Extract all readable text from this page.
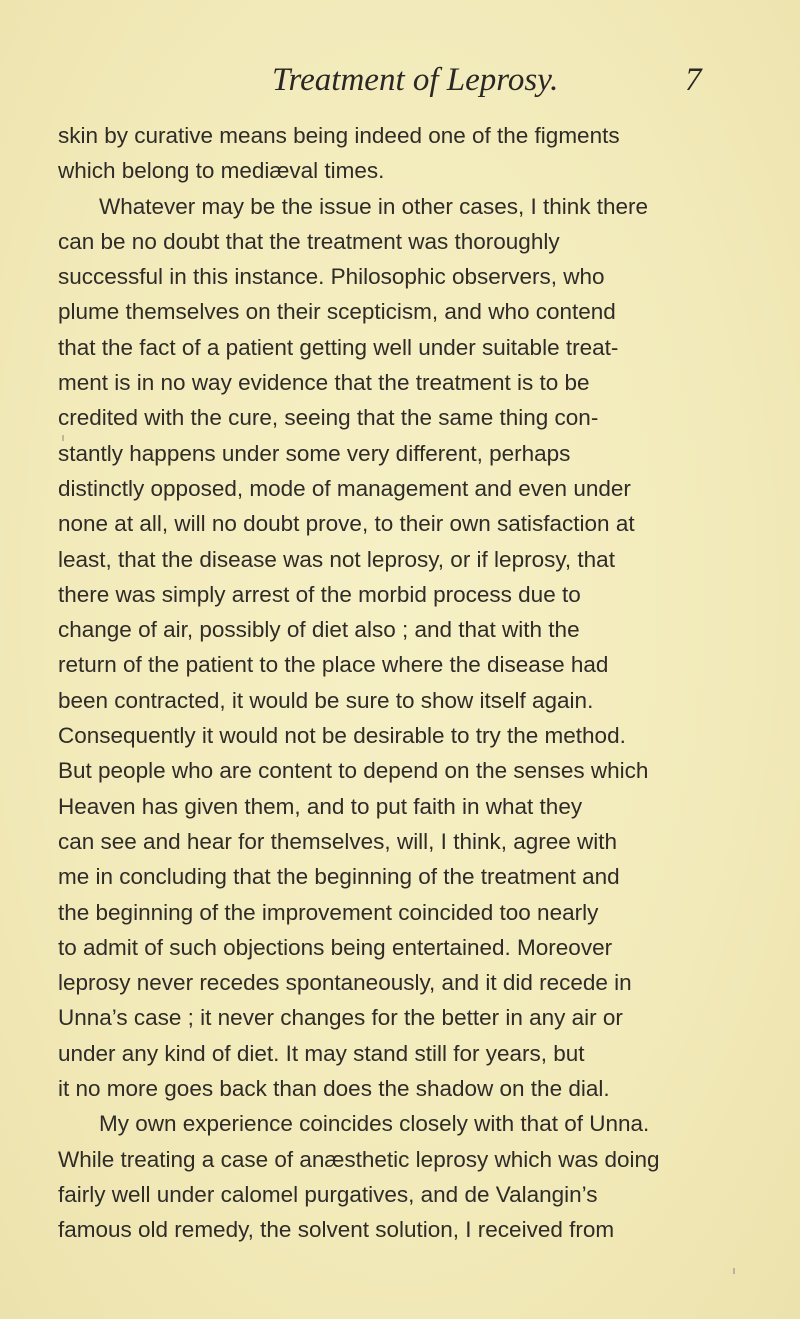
Treatment of Leprosy.	7
skin by curative means being indeed one of the figments
which belong to mediæval times.
Whatever may be the issue in other cases, I think there
can be no doubt that the treatment was thoroughly
successful in this instance. Philosophic observers, who
plume themselves on their scepticism, and who contend
that the fact of a patient getting well under suitable treat-
ment is in no way evidence that the treatment is to be
credited with the cure, seeing that the same thing con-
stantly happens under some very different, perhaps
distinctly opposed, mode of management and even under
none at all, will no doubt prove, to their own satisfaction at
least, that the disease was not leprosy, or if leprosy, that
there was simply arrest of the morbid process due to
change of air, possibly of diet also ; and that with the
return of the patient to the place where the disease had
been contracted, it would be sure to show itself again.
Consequently it would not be desirable to try the method.
But people who are content to depend on the senses which
Heaven has given them, and to put faith in what they
can see and hear for themselves, will, I think, agree with
me in concluding that the beginning of the treatment and
the beginning of the improvement coincided too nearly
to admit of such objections being entertained. Moreover
leprosy never recedes spontaneously, and it did recede in
Unna’s case ; it never changes for the better in any air or
under any kind of diet. It may stand still for years, but
it no more goes back than does the shadow on the dial.
My own experience coincides closely with that of Unna.
While treating a case of anæsthetic leprosy which was doing
fairly well under calomel purgatives, and de Valangin’s
famous old remedy, the solvent solution, I received from
